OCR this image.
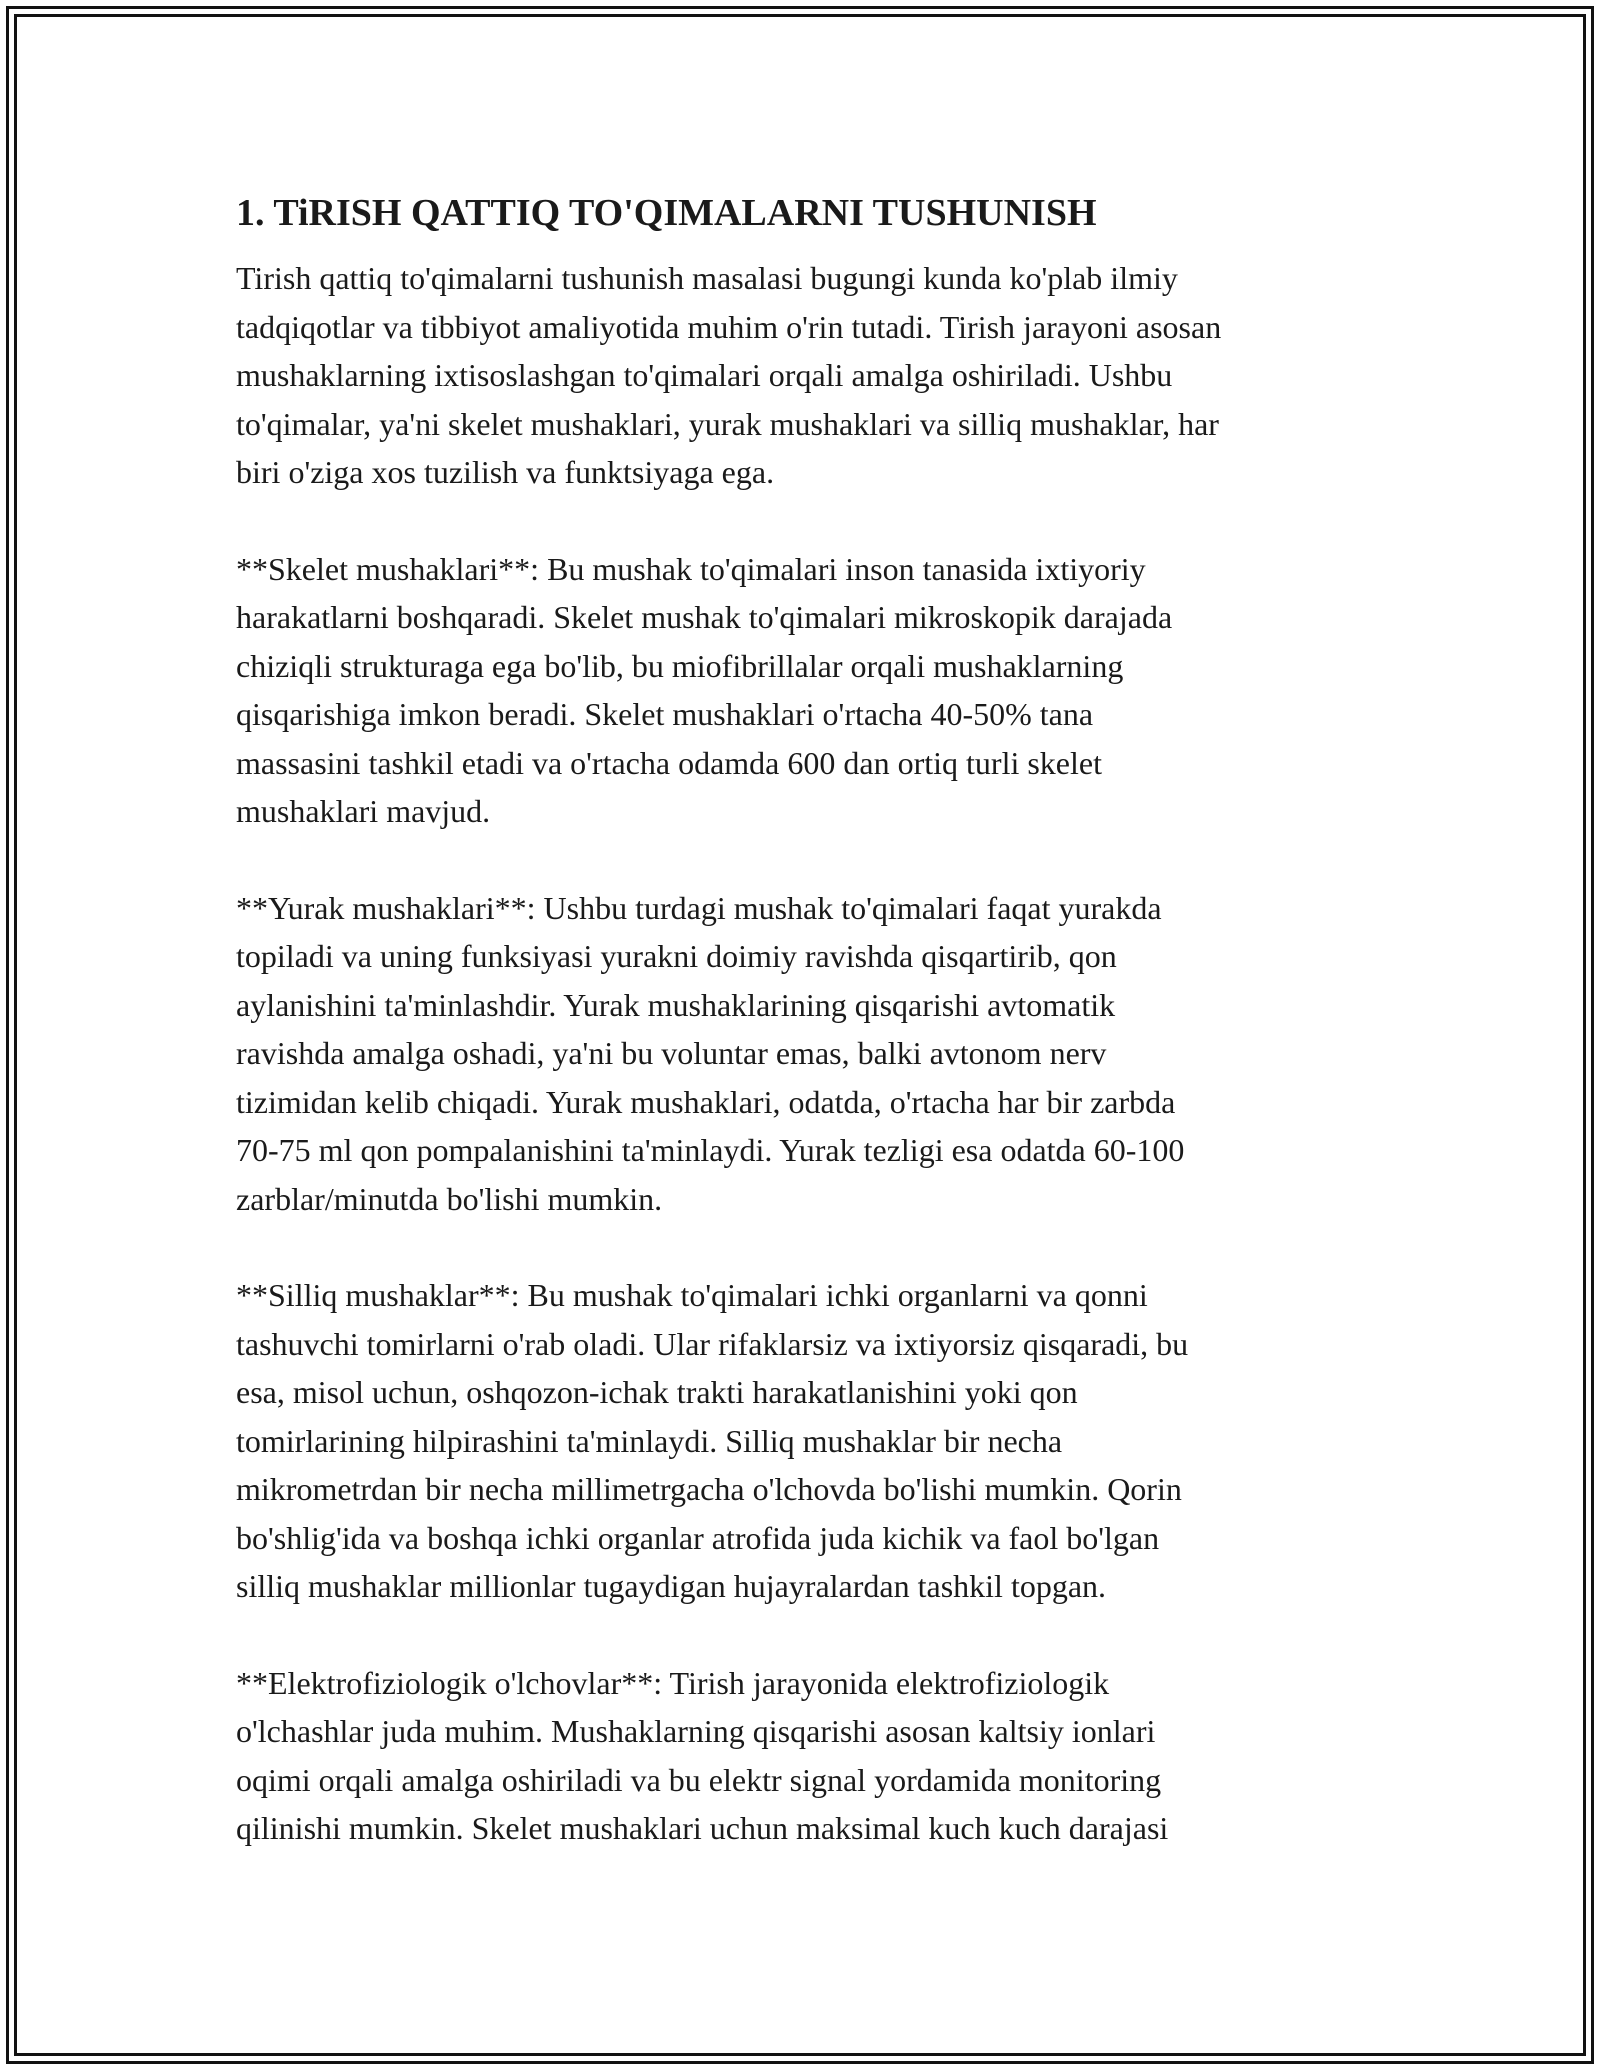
1. TiRISH QATTIQ TO'QIMALARNI TUSHUNISH

Tirish qattiq to'qimalarni tushunish masalasi bugungi kunda ko'plab ilmiy
tadqiqotlar va tibbiyot amaliyotida muhim o'rin tutadi. Tirish jarayoni asosan
mushaklarning ixtisoslashgan to'qimalari orqali amalga oshiriladi. Ushbu
to'qimalar, ya'ni skelet mushaklari, yurak mushaklari va silliq mushaklar, har
biri o'ziga xos tuzilish va funktsiyaga ega.

**Skelet mushaklari**: Bu mushak to'qimalari inson tanasida ixtiyoriy
harakatlarni boshqaradi. Skelet mushak to'qimalari mikroskopik darajada
chiziqli strukturaga ega bo'lib, bu miofibrillalar orqali mushaklarning
qisqarishiga imkon beradi. Skelet mushaklari o'rtacha 40-50% tana
massasini tashkil etadi va o'rtacha odamda 600 dan ortiq turli skelet
mushaklari mavjud.

**Yurak mushaklari**: Ushbu turdagi mushak to'qimalari faqat yurakda
topiladi va uning funksiyasi yurakni doimiy ravishda qisqartirib, qon
aylanishini ta'minlashdir. Yurak mushaklarining qisqarishi avtomatik
ravishda amalga oshadi, ya'ni bu voluntar emas, balki avtonom nerv
tizimidan kelib chiqadi. Yurak mushaklari, odatda, o'rtacha har bir zarbda
70-75 ml qon pompalanishini ta'minlaydi. Yurak tezligi esa odatda 60-100
zarblar/minutda bo'lishi mumkin.

**Silliq mushaklar**: Bu mushak to'qimalari ichki organlarni va qonni
tashuvchi tomirlarni o'rab oladi. Ular rifaklarsiz va ixtiyorsiz qisqaradi, bu
esa, misol uchun, oshqozon-ichak trakti harakatlanishini yoki qon
tomirlarining hilpirashini ta'minlaydi. Silliq mushaklar bir necha
mikrometrdan bir necha millimetrgacha o'lchovda bo'lishi mumkin. Qorin
bo'shlig'ida va boshqa ichki organlar atrofida juda kichik va faol bo'lgan
silliq mushaklar millionlar tugaydigan hujayralardan tashkil topgan.

**Elektrofiziologik o'lchovlar**: Tirish jarayonida elektrofiziologik
o'lchashlar juda muhim. Mushaklarning qisqarishi asosan kaltsiy ionlari
oqimi orqali amalga oshiriladi va bu elektr signal yordamida monitoring
qilinishi mumkin. Skelet mushaklari uchun maksimal kuch kuch darajasi
